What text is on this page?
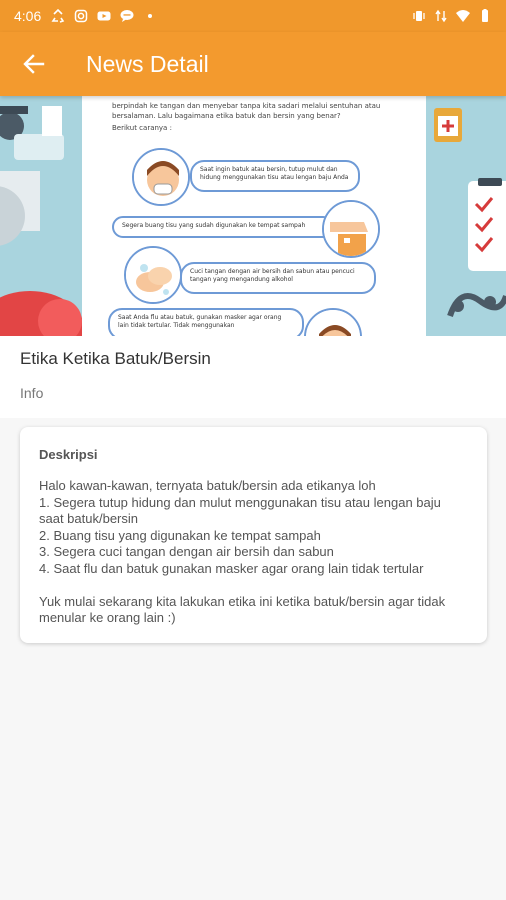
4:06
News Detail
berpindah ke tangan dan menyebar tanpa kita sadari melalui sentuhan atau
bersalaman. Lalu bagaimana etika batuk dan bersin yang benar?
Berikut caranya :
Saat ingin batuk atau bersin, tutup mulut dan hidung menggunakan tisu atau lengan baju Anda
Segera buang tisu yang sudah digunakan ke tempat sampah
Cuci tangan dengan air bersih dan sabun atau pencuci tangan yang mengandung alkohol
Saat Anda flu atau batuk, gunakan masker agar orang lain tidak tertular. Tidak menggunakan
Etika Ketika Batuk/Bersin
Info
Deskripsi
Halo kawan-kawan, ternyata batuk/bersin ada etikanya loh
1. Segera tutup hidung dan mulut menggunakan tisu atau lengan baju saat batuk/bersin
2. Buang tisu yang digunakan ke tempat sampah
3. Segera cuci tangan dengan air bersih dan sabun
4. Saat flu dan batuk gunakan masker agar orang lain tidak tertular

Yuk mulai sekarang kita lakukan etika ini ketika batuk/bersin agar tidak menular ke orang lain :)
